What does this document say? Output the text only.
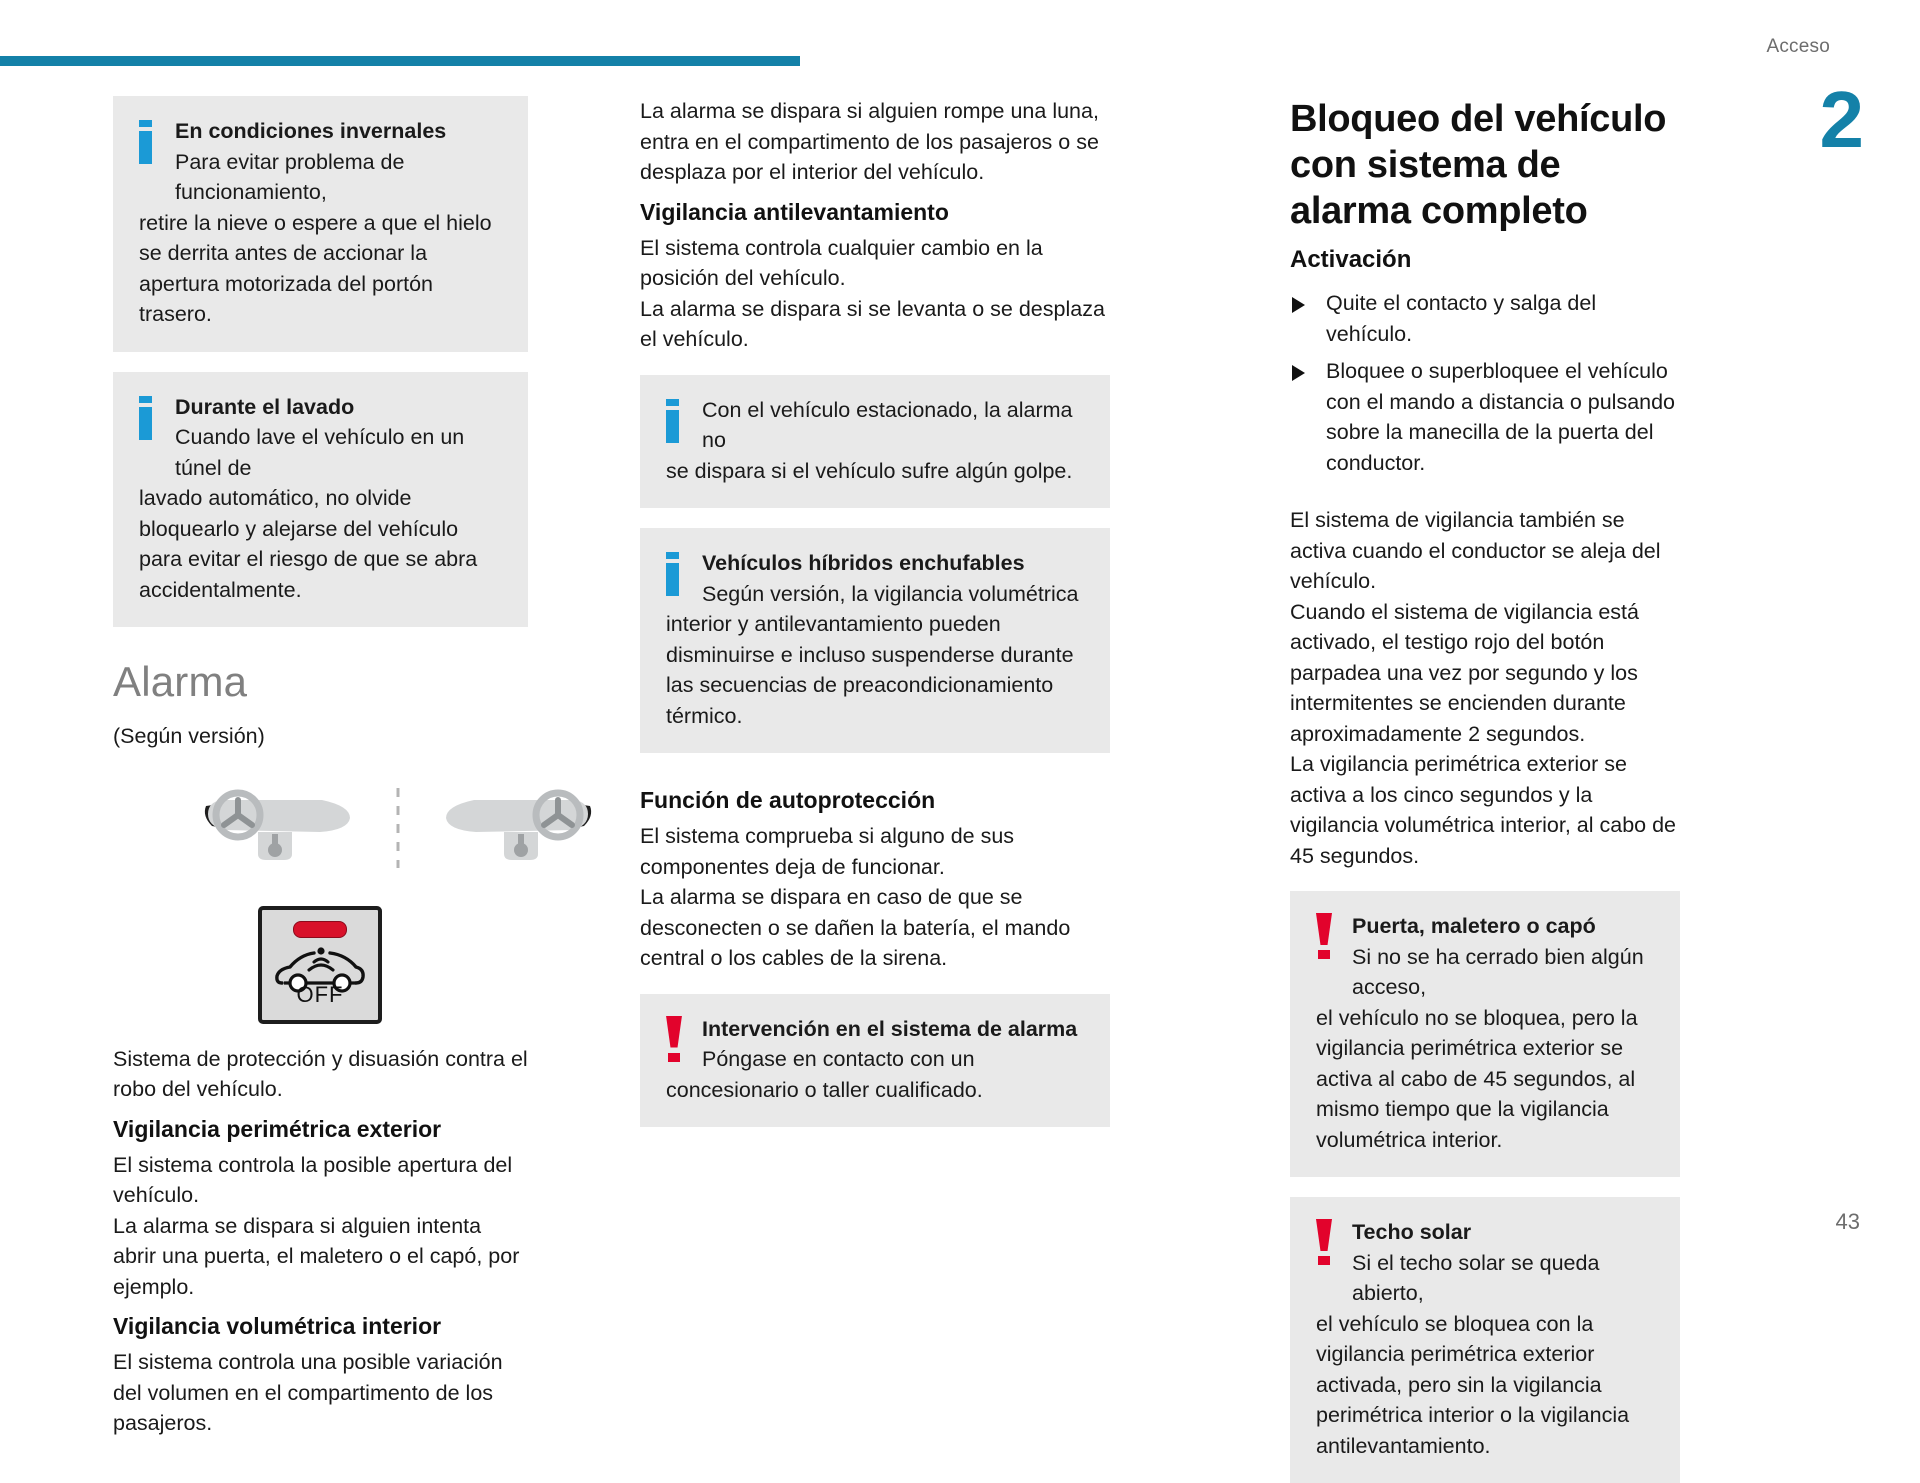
Acceso
2
43

En condiciones invernales

Para evitar problema de funcionamiento,
retire la nieve o espere a que el hielo se derrita antes de accionar la apertura motorizada del portón trasero.

Durante el lavado

Cuando lave el vehículo en un túnel de
lavado automático, no olvide bloquearlo y alejarse del vehículo para evitar el riesgo de que se abra accidentalmente.

Alarma

(Según versión)

OFF

Sistema de protección y disuasión contra el robo del vehículo.

Vigilancia perimétrica exterior

El sistema controla la posible apertura del vehículo.

La alarma se dispara si alguien intenta abrir una puerta, el maletero o el capó, por ejemplo.

Vigilancia volumétrica interior

El sistema controla una posible variación del volumen en el compartimento de los pasajeros.

La alarma se dispara si alguien rompe una luna, entra en el compartimento de los pasajeros o se desplaza por el interior del vehículo.

Vigilancia antilevantamiento

El sistema controla cualquier cambio en la posición del vehículo.

La alarma se dispara si se levanta o se desplaza el vehículo.

Con el vehículo estacionado, la alarma no
se dispara si el vehículo sufre algún golpe.

Vehículos híbridos enchufables

Según versión, la vigilancia volumétrica
interior y antilevantamiento pueden disminuirse e incluso suspenderse durante las secuencias de preacondicionamiento térmico.

Función de autoprotección

El sistema comprueba si alguno de sus componentes deja de funcionar.

La alarma se dispara en caso de que se desconecten o se dañen la batería, el mando central o los cables de la sirena.

Intervención en el sistema de alarma

Póngase en contacto con un
concesionario o taller cualificado.

Bloqueo del vehículo con sistema de alarma completo
Activación
Quite el contacto y salga del vehículo.
Bloquee o superbloquee el vehículo con el mando a distancia o pulsando sobre la manecilla de la puerta del conductor.

El sistema de vigilancia también se activa cuando el conductor se aleja del vehículo.

Cuando el sistema de vigilancia está activado, el testigo rojo del botón parpadea una vez por segundo y los intermitentes se encienden durante aproximadamente 2 segundos.

La vigilancia perimétrica exterior se activa a los cinco segundos y la vigilancia volumétrica interior, al cabo de 45 segundos.

Puerta, maletero o capó

Si no se ha cerrado bien algún acceso,
el vehículo no se bloquea, pero la vigilancia perimétrica exterior se activa al cabo de 45 segundos, al mismo tiempo que la vigilancia volumétrica interior.

Techo solar

Si el techo solar se queda abierto,
el vehículo se bloquea con la vigilancia perimétrica exterior activada, pero sin la vigilancia perimétrica interior o la vigilancia antilevantamiento.
